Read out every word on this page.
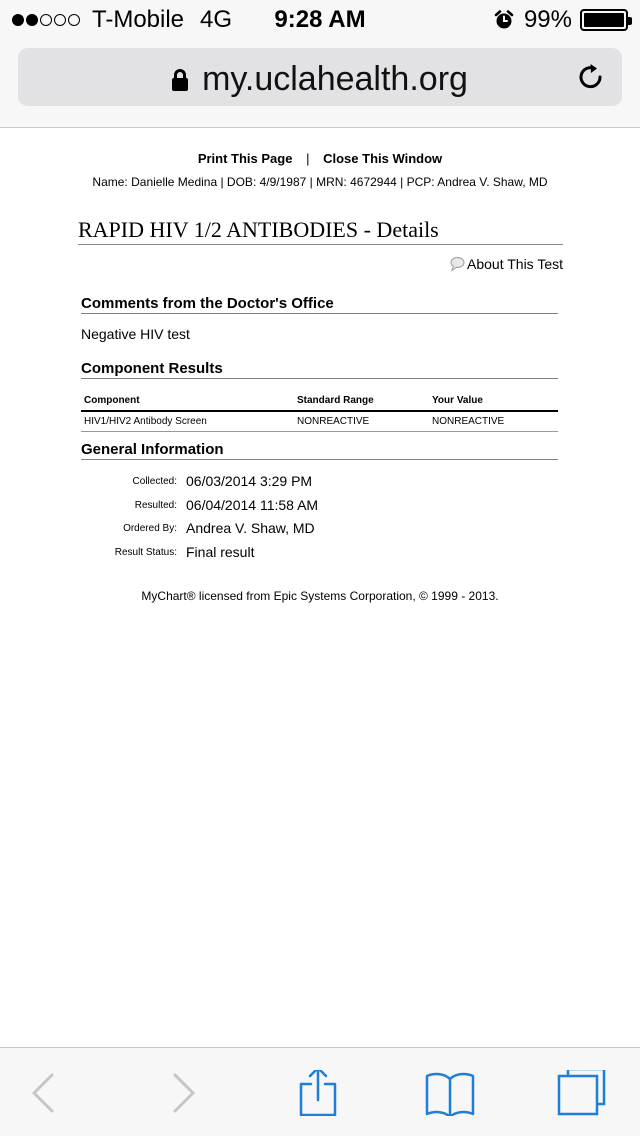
T-Mobile 4G	9:28 AM	99%
my.uclahealth.org
Print This Page | Close This Window
Name: Danielle Medina | DOB: 4/9/1987 | MRN: 4672944 | PCP: Andrea V. Shaw, MD
RAPID HIV 1/2 ANTIBODIES - Details
About This Test
Comments from the Doctor's Office
Negative HIV test
Component Results
Component	Standard Range	Your Value
HIV1/HIV2 Antibody Screen	NONREACTIVE	NONREACTIVE
General Information
Collected: 06/03/2014 3:29 PM
Resulted: 06/04/2014 11:58 AM
Ordered By: Andrea V. Shaw, MD
Result Status: Final result
MyChart® licensed from Epic Systems Corporation, © 1999 - 2013.
